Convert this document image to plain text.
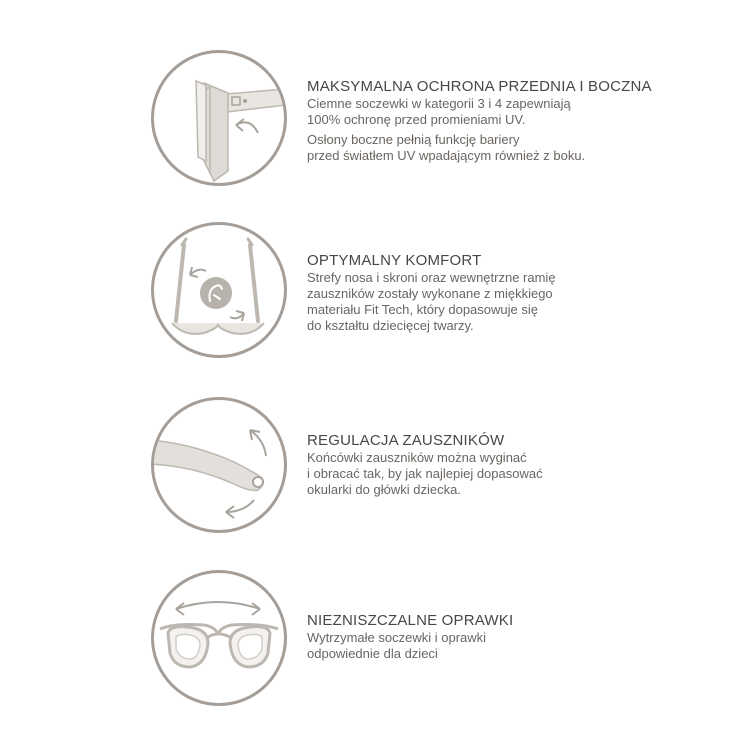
MAKSYMALNA OCHRONA PRZEDNIA I BOCZNA

Ciemne soczewki w kategorii 3 i 4 zapewniają
100% ochronę przed promieniami UV.

Osłony boczne pełnią funkcję bariery
przed światłem UV wpadającym również z boku.

OPTYMALNY KOMFORT

Strefy nosa i skroni oraz wewnętrzne ramię
zauszników zostały wykonane z miękkiego
materiału Fit Tech, który dopasowuje się
do kształtu dziecięcej twarzy.

REGULACJA ZAUSZNIKÓW

Końcówki zauszników można wyginać
i obracać tak, by jak najlepiej dopasować
okularki do główki dziecka.

NIEZNISZCZALNE OPRAWKI

Wytrzymałe soczewki i oprawki
odpowiednie dla dzieci
